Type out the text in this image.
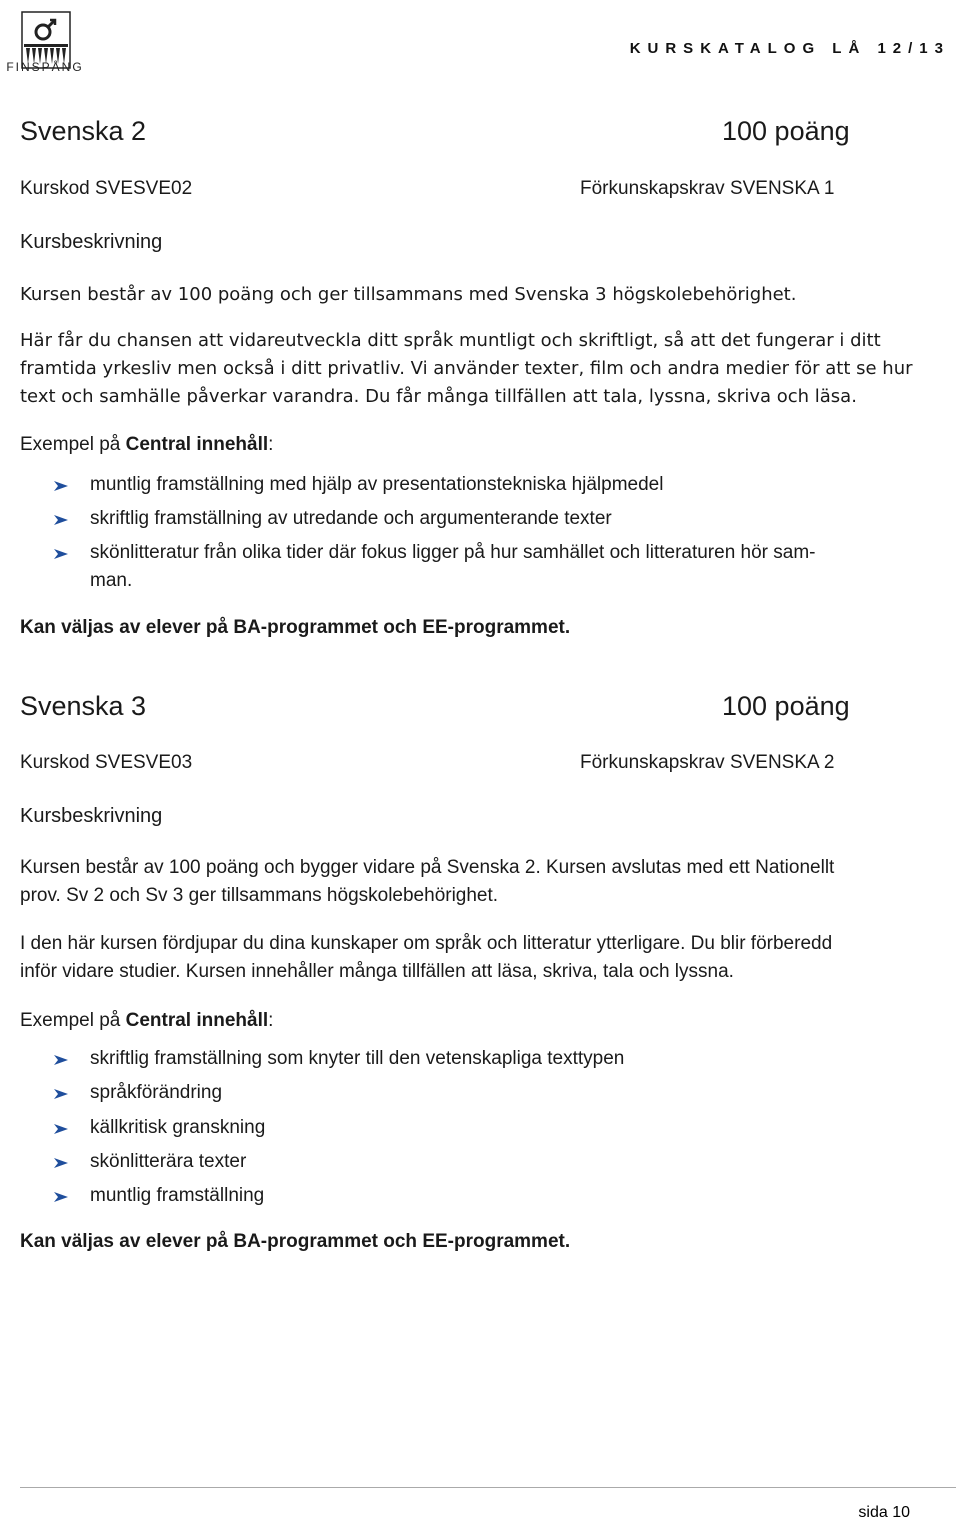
FINSPÅNG
KURSKATALOG LÅ 12/13
Svenska 2	100 poäng
Kurskod SVESVE02	Förkunskapskrav SVENSKA 1
Kursbeskrivning
Kursen består av 100 poäng och ger tillsammans med Svenska 3 högskolebehörighet.
Här får du chansen att vidareutveckla ditt språk muntligt och skriftligt, så att det fungerar i ditt
framtida yrkesliv men också i ditt privatliv. Vi använder texter, film och andra medier för att se hur
text och samhälle påverkar varandra. Du får många tillfällen att tala, lyssna, skriva och läsa.
Exempel på Central innehåll:
muntlig framställning med hjälp av presentationstekniska hjälpmedel
skriftlig framställning av utredande och argumenterande texter
skönlitteratur från olika tider där fokus ligger på hur samhället och litteraturen hör sam-
man.
Kan väljas av elever på BA-programmet och EE-programmet.
Svenska 3	100 poäng
Kurskod SVESVE03	Förkunskapskrav SVENSKA 2
Kursbeskrivning
Kursen består av 100 poäng och bygger vidare på Svenska 2. Kursen avslutas med ett Nationellt
prov. Sv 2 och Sv 3 ger tillsammans högskolebehörighet.
I den här kursen fördjupar du dina kunskaper om språk och litteratur ytterligare. Du blir förberedd
inför vidare studier. Kursen innehåller många tillfällen att läsa, skriva, tala och lyssna.
Exempel på Central innehåll:
skriftlig framställning som knyter till den vetenskapliga texttypen
språkförändring
källkritisk granskning
skönlitterära texter
muntlig framställning
Kan väljas av elever på BA-programmet och EE-programmet.
sida 10
